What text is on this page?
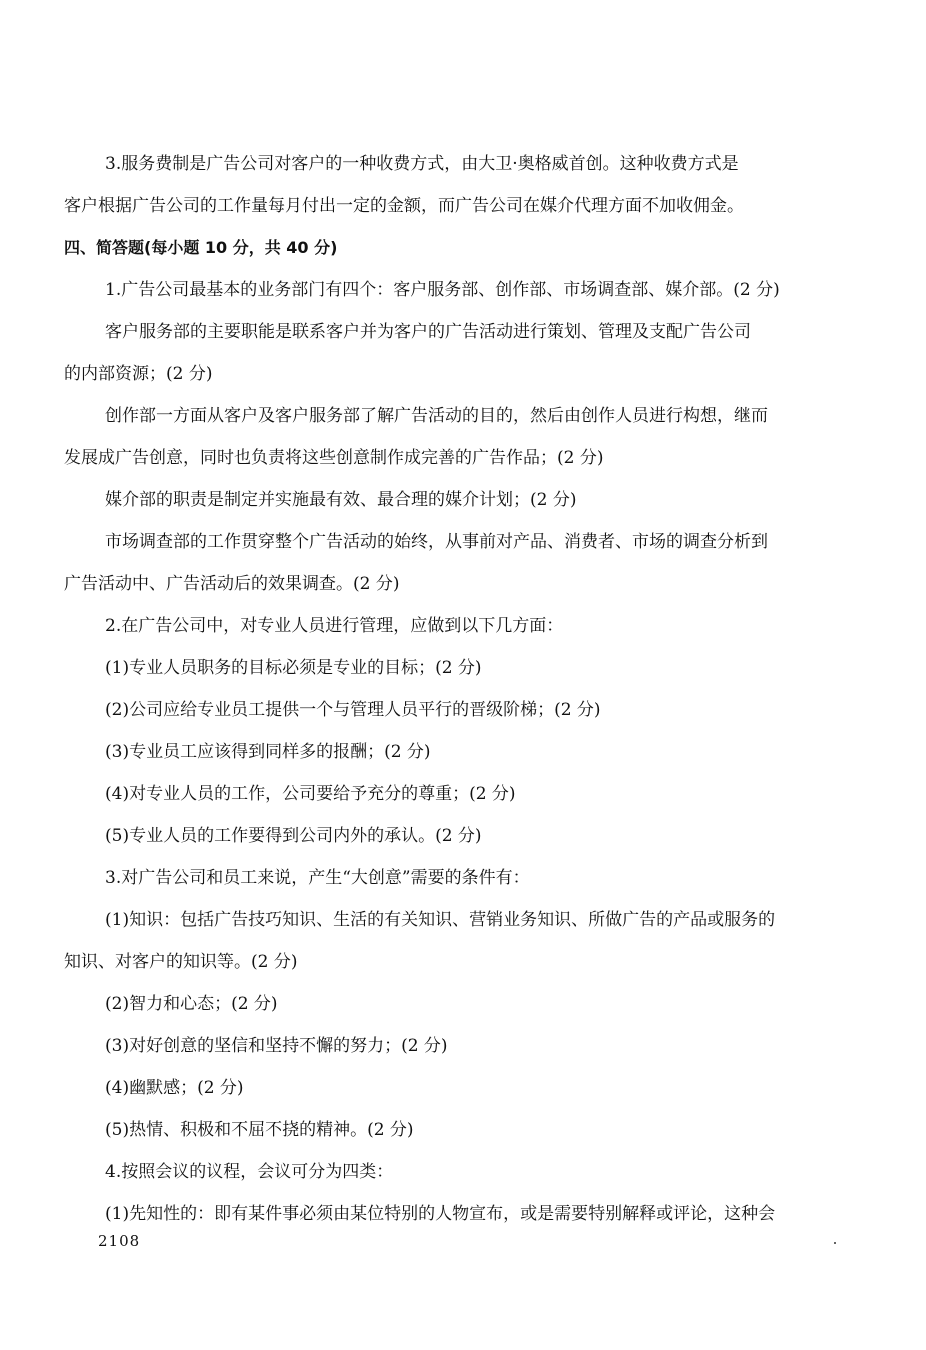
3.服务费制是广告公司对客户的一种收费方式，由大卫·奥格威首创。这种收费方式是
客户根据广告公司的工作量每月付出一定的金额，而广告公司在媒介代理方面不加收佣金。
四、简答题(每小题 10 分，共 40 分)
1.广告公司最基本的业务部门有四个：客户服务部、创作部、市场调查部、媒介部。(2 分)
客户服务部的主要职能是联系客户并为客户的广告活动进行策划、管理及支配广告公司
的内部资源；(2 分)
创作部一方面从客户及客户服务部了解广告活动的目的，然后由创作人员进行构想，继而
发展成广告创意，同时也负责将这些创意制作成完善的广告作品；(2 分)
媒介部的职责是制定并实施最有效、最合理的媒介计划；(2 分)
市场调查部的工作贯穿整个广告活动的始终，从事前对产品、消费者、市场的调查分析到
广告活动中、广告活动后的效果调查。(2 分)
2.在广告公司中，对专业人员进行管理，应做到以下几方面：
(1)专业人员职务的目标必须是专业的目标；(2 分)
(2)公司应给专业员工提供一个与管理人员平行的晋级阶梯；(2 分)
(3)专业员工应该得到同样多的报酬；(2 分)
(4)对专业人员的工作，公司要给予充分的尊重；(2 分)
(5)专业人员的工作要得到公司内外的承认。(2 分)
3.对广告公司和员工来说，产生“大创意”需要的条件有：
(1)知识：包括广告技巧知识、生活的有关知识、营销业务知识、所做广告的产品或服务的
知识、对客户的知识等。(2 分)
(2)智力和心态；(2 分)
(3)对好创意的坚信和坚持不懈的努力；(2 分)
(4)幽默感；(2 分)
(5)热情、积极和不屈不挠的精神。(2 分)
4.按照会议的议程，会议可分为四类：
(1)先知性的：即有某件事必须由某位特别的人物宣布，或是需要特别解释或评论，这种会
2108
